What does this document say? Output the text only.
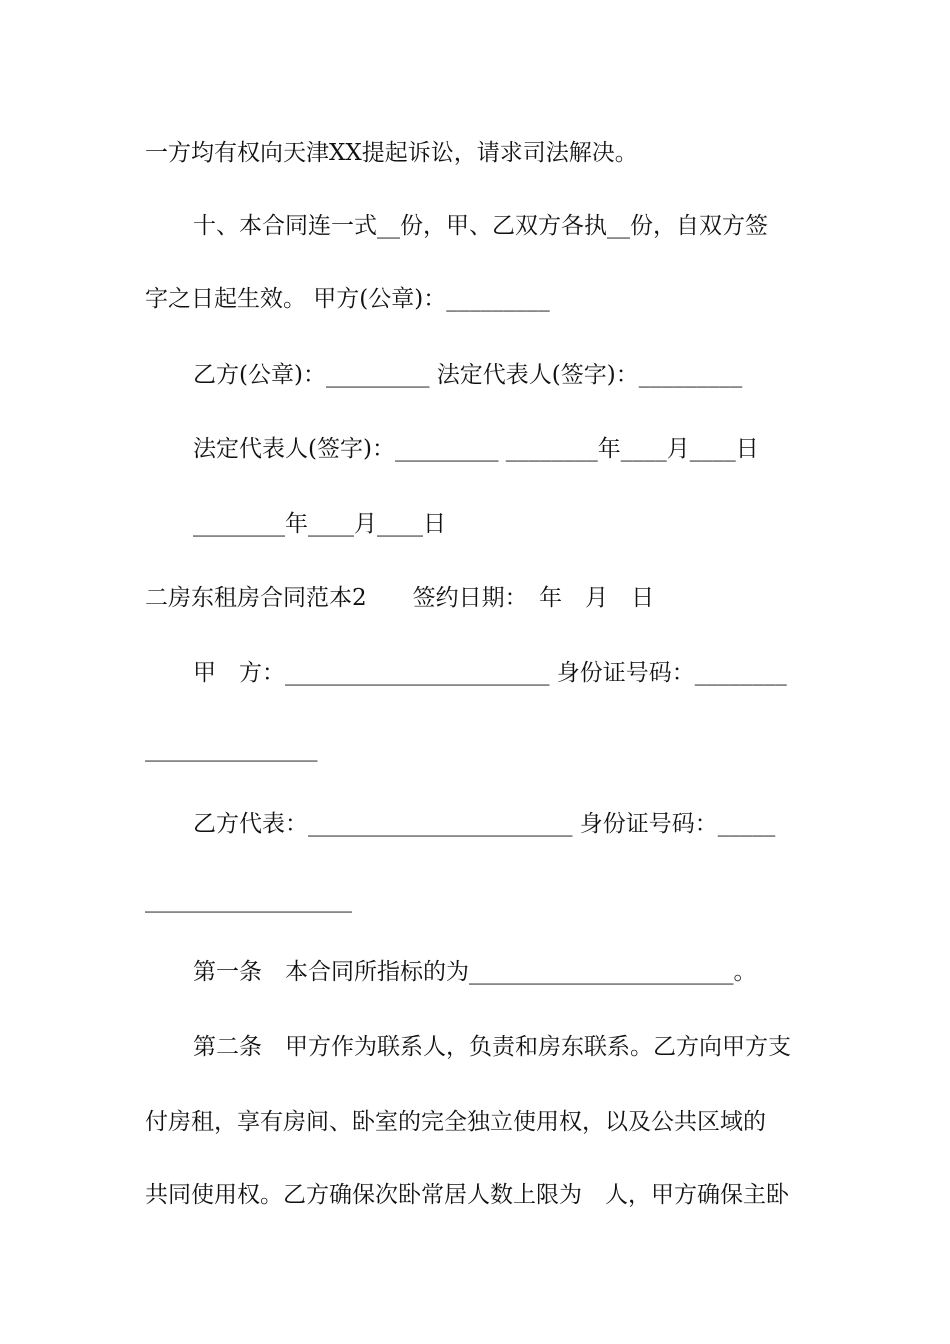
一方均有权向天津XX提起诉讼，请求司法解决。
十、本合同连一式__份，甲、乙双方各执__份，自双方签
字之日起生效。 甲方(公章)：_________
乙方(公章)：_________ 法定代表人(签字)：_________
法定代表人(签字)：_________ ________年____月____日
________年____月____日
二房东租房合同范本2　　签约日期：　年　月　日
甲　方：_______________________ 身份证号码：________
_______________
乙方代表：_______________________ 身份证号码：_____
__________________
第一条　本合同所指标的为_______________________。
第二条　甲方作为联系人，负责和房东联系。乙方向甲方支
付房租，享有房间、卧室的完全独立使用权，以及公共区域的
共同使用权。乙方确保次卧常居人数上限为　人，甲方确保主卧
